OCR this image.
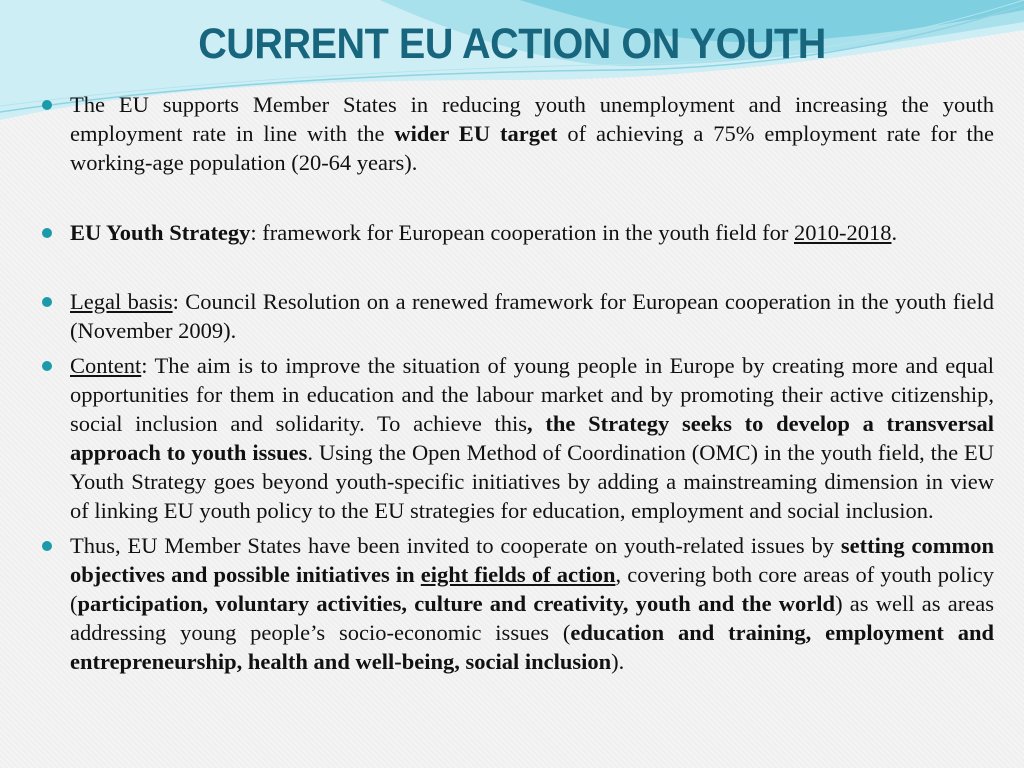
CURRENT EU ACTION ON YOUTH
The EU supports Member States in reducing youth unemployment and increasing the youth employment rate in line with the wider EU target of achieving a 75% employment rate for the working-age population (20-64 years).
EU Youth Strategy: framework for European cooperation in the youth field for 2010-2018.
Legal basis: Council Resolution on a renewed framework for European cooperation in the youth field (November 2009).
Content: The aim is to improve the situation of young people in Europe by creating more and equal opportunities for them in education and the labour market and by promoting their active citizenship, social inclusion and solidarity. To achieve this, the Strategy seeks to develop a transversal approach to youth issues. Using the Open Method of Coordination (OMC) in the youth field, the EU Youth Strategy goes beyond youth-specific initiatives by adding a mainstreaming dimension in view of linking EU youth policy to the EU strategies for education, employment and social inclusion.
Thus, EU Member States have been invited to cooperate on youth-related issues by setting common objectives and possible initiatives in eight fields of action, covering both core areas of youth policy (participation, voluntary activities, culture and creativity, youth and the world) as well as areas addressing young people’s socio-economic issues (education and training, employment and entrepreneurship, health and well-being, social inclusion).
